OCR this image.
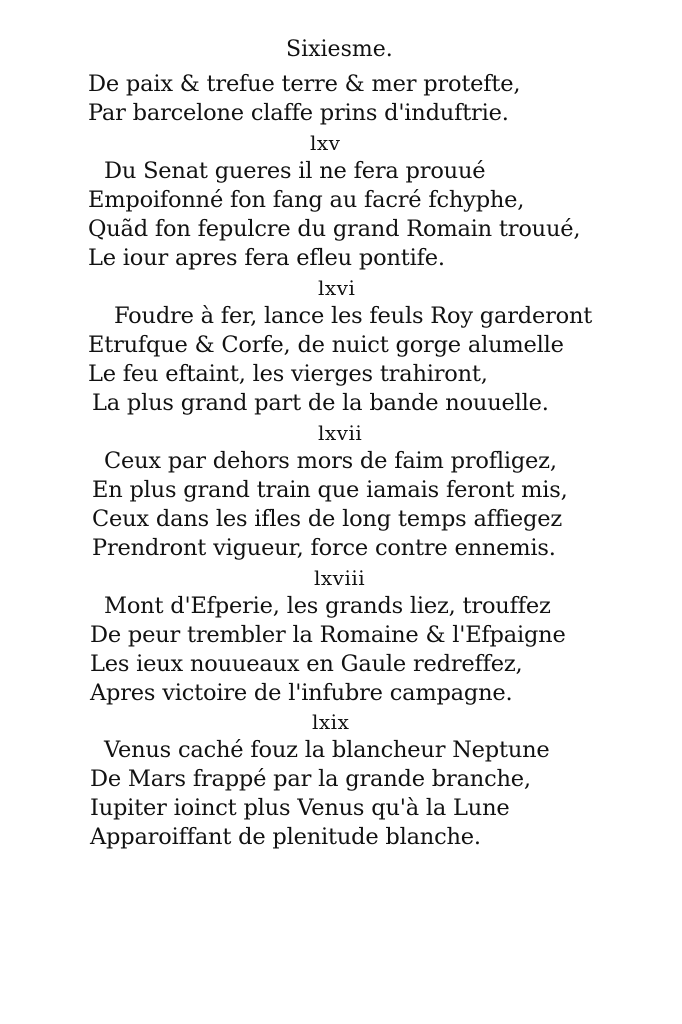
Sixiesme.
De paix & trefue terre & mer protefte,
Par barcelone claffe prins d'induftrie.
lxv
Du Senat gueres il ne fera prouué
Empoifonné fon fang au facré fchyphe,
Quãd fon fepulcre du grand Romain trouué,
Le iour apres fera efleu pontife.
lxvi
Foudre à fer, lance les feuls Roy garderont
Etrufque & Corfe, de nuict gorge alumelle
Le feu eftaint, les vierges trahiront,
La plus grand part de la bande nouuelle.
lxvii
Ceux par dehors mors de faim profligez,
En plus grand train que iamais feront mis,
Ceux dans les ifles de long temps affiegez
Prendront vigueur, force contre ennemis.
lxviii
Mont d'Efperie, les grands liez, trouffez
De peur trembler la Romaine & l'Efpaigne
Les ieux nouueaux en Gaule redreffez,
Apres victoire de l'infubre campagne.
lxix
Venus caché fouz la blancheur Neptune
De Mars frappé par la grande branche,
Iupiter ioinct plus Venus qu'à la Lune
Apparoiffant de plenitude blanche.
